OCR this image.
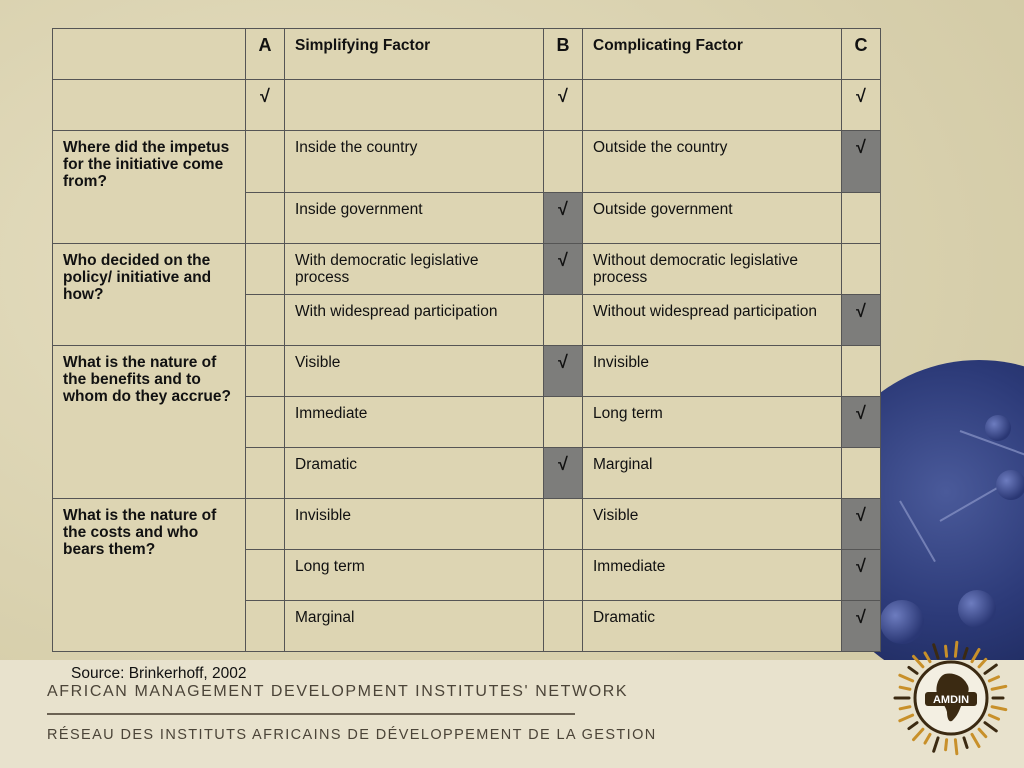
	A	Simplifying Factor	B	Complicating Factor	C
	√		√		√
Where did the impetus for the initiative come from?		Inside the country		Outside the country	√
		Inside government	√	Outside government	
Who decided on the policy/ initiative and how?		With democratic legislative process	√	Without democratic legislative process	
		With widespread participation		Without widespread participation	√
What is the nature of the benefits and to whom do they accrue?		Visible	√	Invisible	
		Immediate		Long term	√
		Dramatic	√	Marginal	
What is the nature of the costs and who bears them?		Invisible		Visible	√
		Long term		Immediate	√
		Marginal		Dramatic	√
Source: Brinkerhoff, 2002
AFRICAN MANAGEMENT DEVELOPMENT INSTITUTES' NETWORK
RÉSEAU DES INSTITUTS AFRICAINS DE DÉVELOPPEMENT DE LA GESTION
AMDIN
